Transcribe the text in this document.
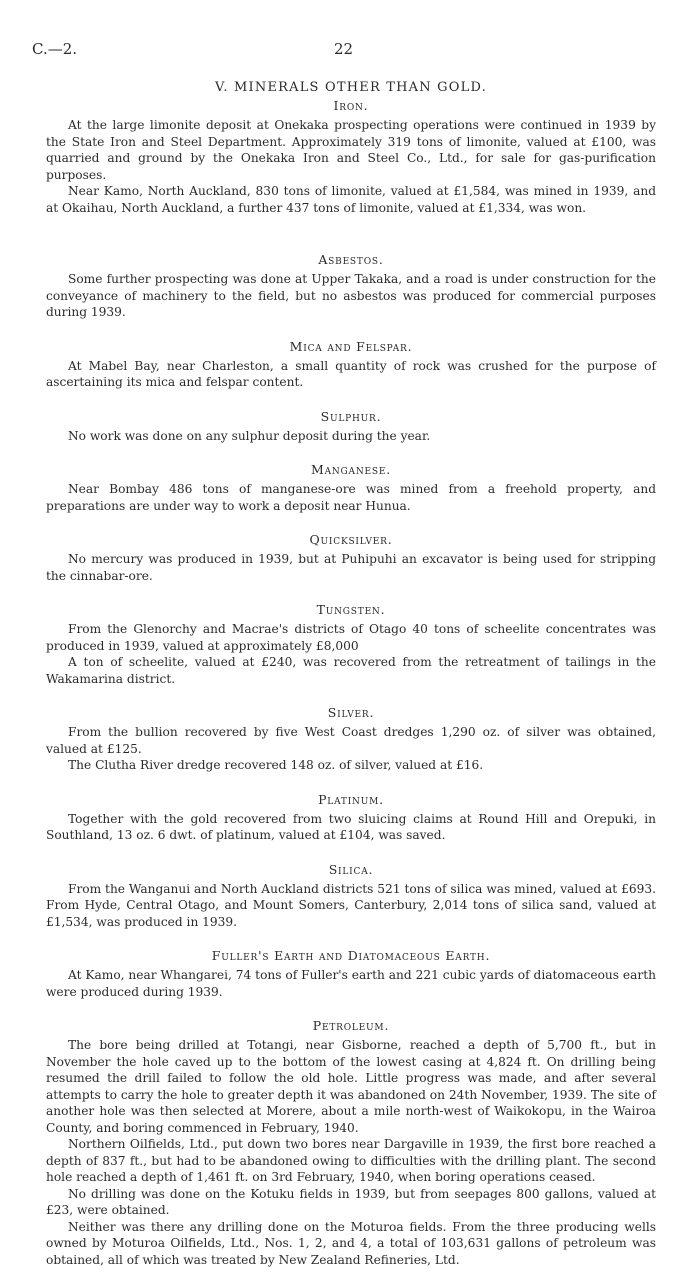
C.—2.	22
V. MINERALS OTHER THAN GOLD.
Iron.

At the large limonite deposit at Onekaka prospecting operations were continued in 1939 by the State Iron and Steel Department. Approximately 319 tons of limonite, valued at £100, was quarried and ground by the Onekaka Iron and Steel Co., Ltd., for sale for gas-purification purposes.

Near Kamo, North Auckland, 830 tons of limonite, valued at £1,584, was mined in 1939, and at Okaihau, North Auckland, a further 437 tons of limonite, valued at £1,334, was won.

Asbestos.

Some further prospecting was done at Upper Takaka, and a road is under construction for the conveyance of machinery to the field, but no asbestos was produced for commercial purposes during 1939.

Mica and Felspar.

At Mabel Bay, near Charleston, a small quantity of rock was crushed for the purpose of ascertaining its mica and felspar content.

Sulphur.

No work was done on any sulphur deposit during the year.

Manganese.

Near Bombay 486 tons of manganese-ore was mined from a freehold property, and preparations are under way to work a deposit near Hunua.

Quicksilver.

No mercury was produced in 1939, but at Puhipuhi an excavator is being used for stripping the cinnabar-ore.

Tungsten.

From the Glenorchy and Macrae's districts of Otago 40 tons of scheelite concentrates was produced in 1939, valued at approximately £8,000

A ton of scheelite, valued at £240, was recovered from the retreatment of tailings in the Wakamarina district.

Silver.

From the bullion recovered by five West Coast dredges 1,290 oz. of silver was obtained, valued at £125.

The Clutha River dredge recovered 148 oz. of silver, valued at £16.

Platinum.

Together with the gold recovered from two sluicing claims at Round Hill and Orepuki, in Southland, 13 oz. 6 dwt. of platinum, valued at £104, was saved.

Silica.

From the Wanganui and North Auckland districts 521 tons of silica was mined, valued at £693. From Hyde, Central Otago, and Mount Somers, Canterbury, 2,014 tons of silica sand, valued at £1,534, was produced in 1939.

Fuller's Earth and Diatomaceous Earth.

At Kamo, near Whangarei, 74 tons of Fuller's earth and 221 cubic yards of diatomaceous earth were produced during 1939.

Petroleum.

The bore being drilled at Totangi, near Gisborne, reached a depth of 5,700 ft., but in November the hole caved up to the bottom of the lowest casing at 4,824 ft. On drilling being resumed the drill failed to follow the old hole. Little progress was made, and after several attempts to carry the hole to greater depth it was abandoned on 24th November, 1939. The site of another hole was then selected at Morere, about a mile north-west of Waikokopu, in the Wairoa County, and boring commenced in February, 1940.

Northern Oilfields, Ltd., put down two bores near Dargaville in 1939, the first bore reached a depth of 837 ft., but had to be abandoned owing to difficulties with the drilling plant. The second hole reached a depth of 1,461 ft. on 3rd February, 1940, when boring operations ceased.

No drilling was done on the Kotuku fields in 1939, but from seepages 800 gallons, valued at £23, were obtained.

Neither was there any drilling done on the Moturoa fields. From the three producing wells owned by Moturoa Oilfields, Ltd., Nos. 1, 2, and 4, a total of 103,631 gallons of petroleum was obtained, all of which was treated by New Zealand Refineries, Ltd.
